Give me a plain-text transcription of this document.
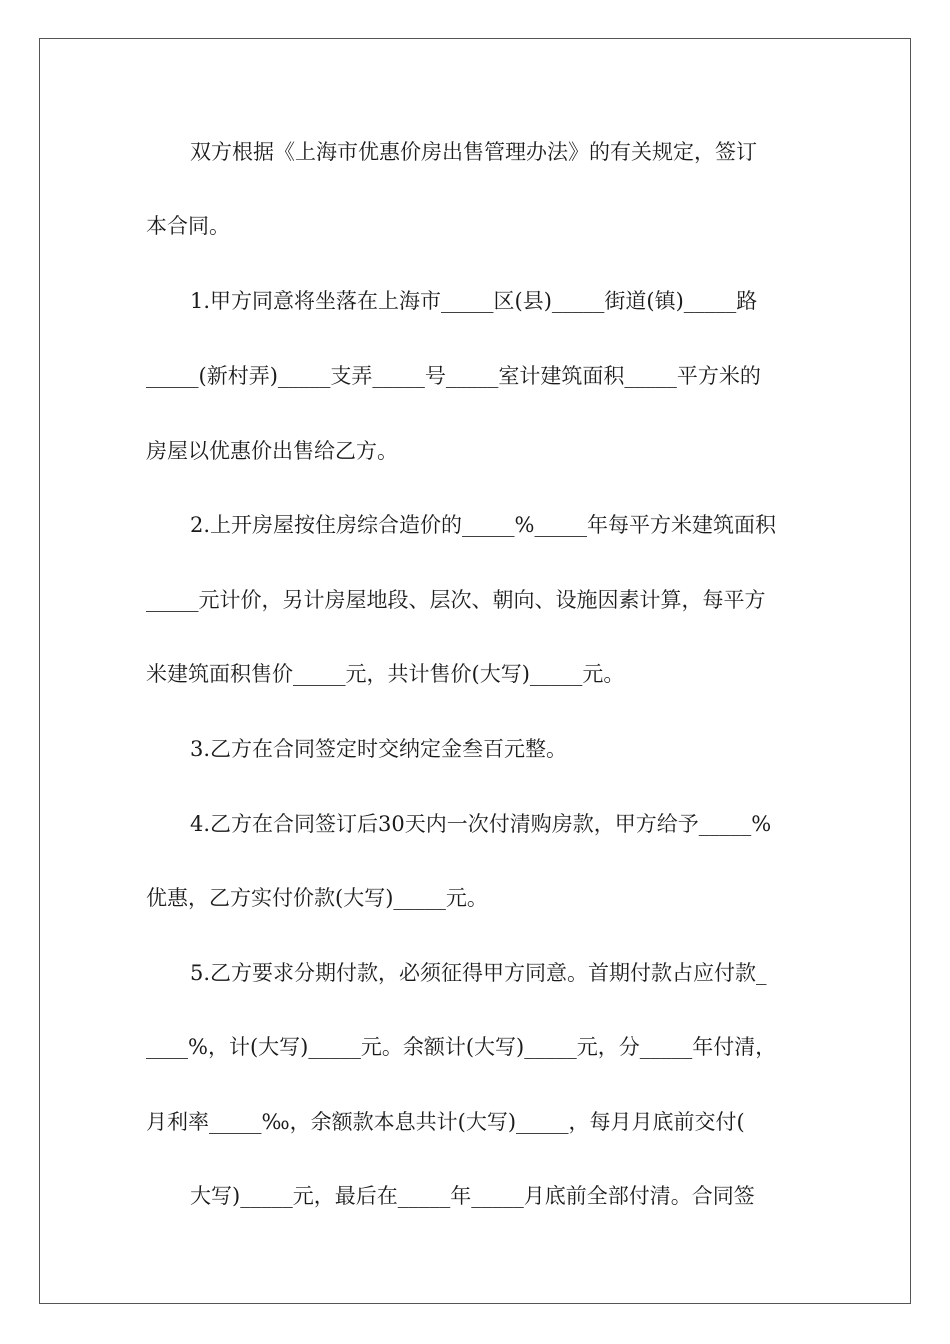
双方根据《上海市优惠价房出售管理办法》的有关规定，签订
本合同。
1.甲方同意将坐落在上海市_____区(县)_____街道(镇)_____路
_____(新村弄)_____支弄_____号_____室计建筑面积_____平方米的
房屋以优惠价出售给乙方。
2.上开房屋按住房综合造价的_____%_____年每平方米建筑面积
_____元计价，另计房屋地段、层次、朝向、设施因素计算，每平方
米建筑面积售价_____元，共计售价(大写)_____元。
3.乙方在合同签定时交纳定金叁百元整。
4.乙方在合同签订后30天内一次付清购房款，甲方给予_____%
优惠，乙方实付价款(大写)_____元。
5.乙方要求分期付款，必须征得甲方同意。首期付款占应付款_
____%，计(大写)_____元。余额计(大写)_____元，分_____年付清，
月利率_____‰，余额款本息共计(大写)_____，每月月底前交付(
大写)_____元，最后在_____年_____月底前全部付清。合同签
